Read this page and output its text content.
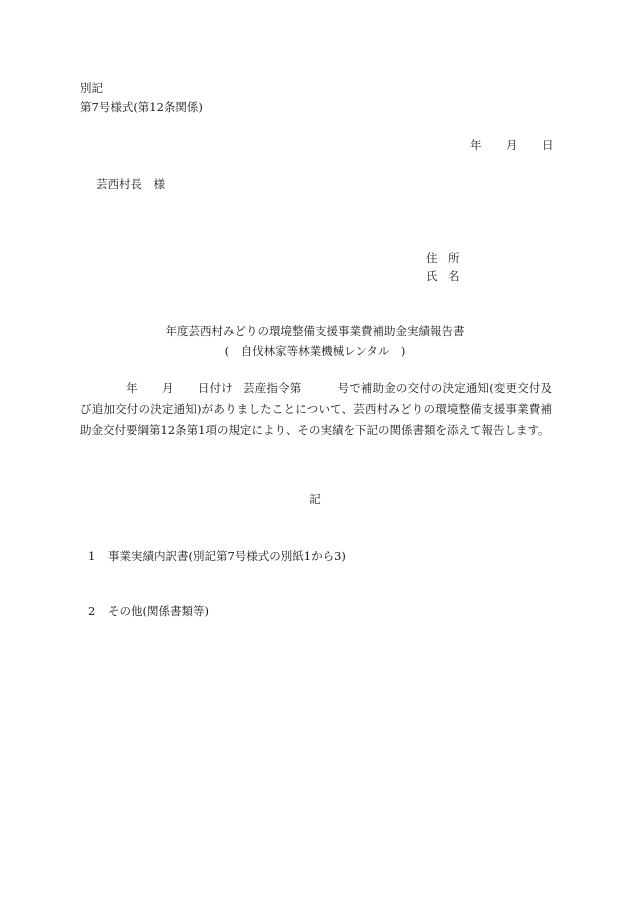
別記
第7号様式(第12条関係)
年 月 日
芸西村長　様
住 所
氏 名
年度芸西村みどりの環境整備支援事業費補助金実績報告書
(　自伐林家等林業機械レンタル　)
年 月 日付け 芸産指令第	号で補助金の交付の決定通知(変更交付及び追加交付の決定通知)がありましたことについて、芸西村みどりの環境整備支援事業費補助金交付要綱第12条第1項の規定により、その実績を下記の関係書類を添えて報告します。
記
1 事業実績内訳書(別記第7号様式の別紙1から3)
2 その他(関係書類等)
